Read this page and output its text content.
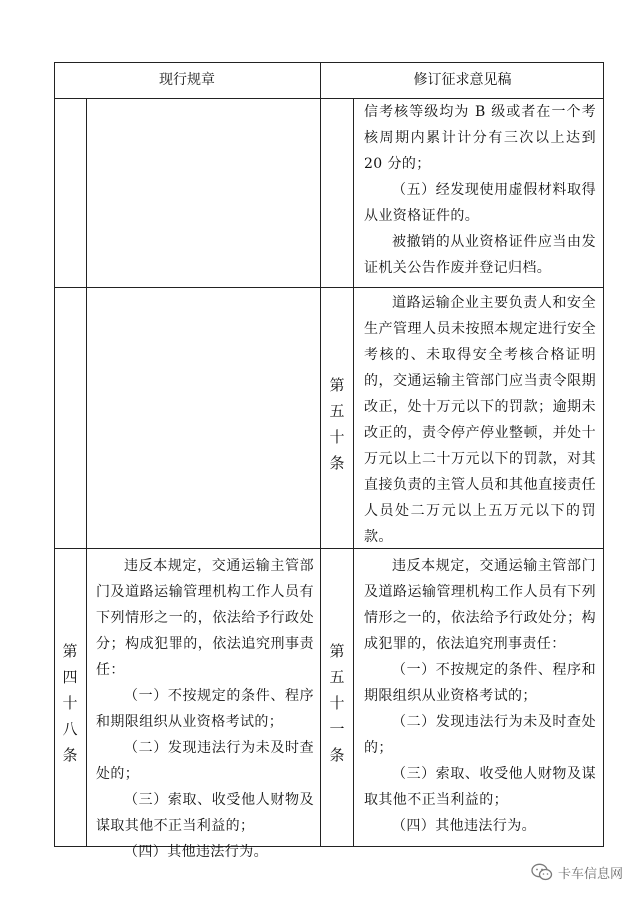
现行规章	修订征求意见稿

信考核等级均为 B 级或者在一个考核周期内累计计分有三次以上达到 20 分的；

（五）经发现使用虚假材料取得从业资格证件的。

被撤销的从业资格证件应当由发证机关公告作废并登记归档。

第五十条

道路运输企业主要负责人和安全生产管理人员未按照本规定进行安全考核的、未取得安全考核合格证明的，交通运输主管部门应当责令限期改正，处十万元以下的罚款；逾期未改正的，责令停产停业整顿，并处十万元以上二十万元以下的罚款，对其直接负责的主管人员和其他直接责任人员处二万元以上五万元以下的罚款。

第四十八条

违反本规定，交通运输主管部门及道路运输管理机构工作人员有下列情形之一的，依法给予行政处分；构成犯罪的，依法追究刑事责任：

（一）不按规定的条件、程序和期限组织从业资格考试的；

（二）发现违法行为未及时查处的；

（三）索取、收受他人财物及谋取其他不正当利益的；

（四）其他违法行为。

第五十一条

违反本规定，交通运输主管部门及道路运输管理机构工作人员有下列情形之一的，依法给予行政处分；构成犯罪的，依法追究刑事责任：

（一）不按规定的条件、程序和期限组织从业资格考试的；

（二）发现违法行为未及时查处的；

（三）索取、收受他人财物及谋取其他不正当利益的；

（四）其他违法行为。

卡车信息网
